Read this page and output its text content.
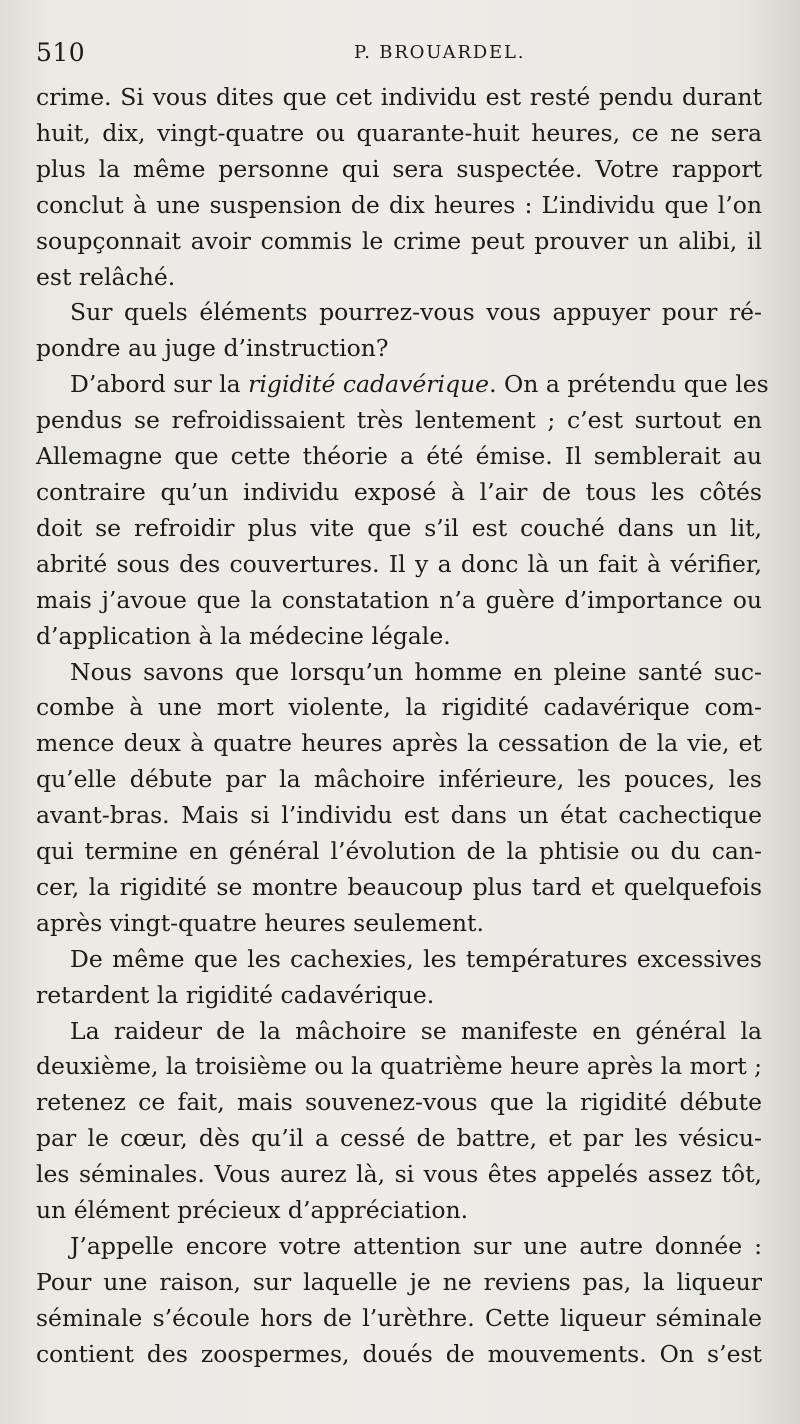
510	P. BROUARDEL.
crime. Si vous dites que cet individu est resté pendu durant
huit, dix, vingt-quatre ou quarante-huit heures, ce ne sera
plus la même personne qui sera suspectée. Votre rapport
conclut à une suspension de dix heures : L’individu que l’on
soupçonnait avoir commis le crime peut prouver un alibi, il
est relâché.
Sur quels éléments pourrez-vous vous appuyer pour ré-
pondre au juge d’instruction?
D’abord sur la rigidité cadavérique. On a prétendu que les
pendus se refroidissaient très lentement ; c’est surtout en
Allemagne que cette théorie a été émise. Il semblerait au
contraire qu’un individu exposé à l’air de tous les côtés
doit se refroidir plus vite que s’il est couché dans un lit,
abrité sous des couvertures. Il y a donc là un fait à vérifier,
mais j’avoue que la constatation n’a guère d’importance ou
d’application à la médecine légale.
Nous savons que lorsqu’un homme en pleine santé suc-
combe à une mort violente, la rigidité cadavérique com-
mence deux à quatre heures après la cessation de la vie, et
qu’elle débute par la mâchoire inférieure, les pouces, les
avant-bras. Mais si l’individu est dans un état cachectique
qui termine en général l’évolution de la phtisie ou du can-
cer, la rigidité se montre beaucoup plus tard et quelquefois
après vingt-quatre heures seulement.
De même que les cachexies, les températures excessives
retardent la rigidité cadavérique.
La raideur de la mâchoire se manifeste en général la
deuxième, la troisième ou la quatrième heure après la mort ;
retenez ce fait, mais souvenez-vous que la rigidité débute
par le cœur, dès qu’il a cessé de battre, et par les vésicu-
les séminales. Vous aurez là, si vous êtes appelés assez tôt,
un élément précieux d’appréciation.
J’appelle encore votre attention sur une autre donnée :
Pour une raison, sur laquelle je ne reviens pas, la liqueur
séminale s’écoule hors de l’urèthre. Cette liqueur séminale
contient des zoospermes, doués de mouvements. On s’est
